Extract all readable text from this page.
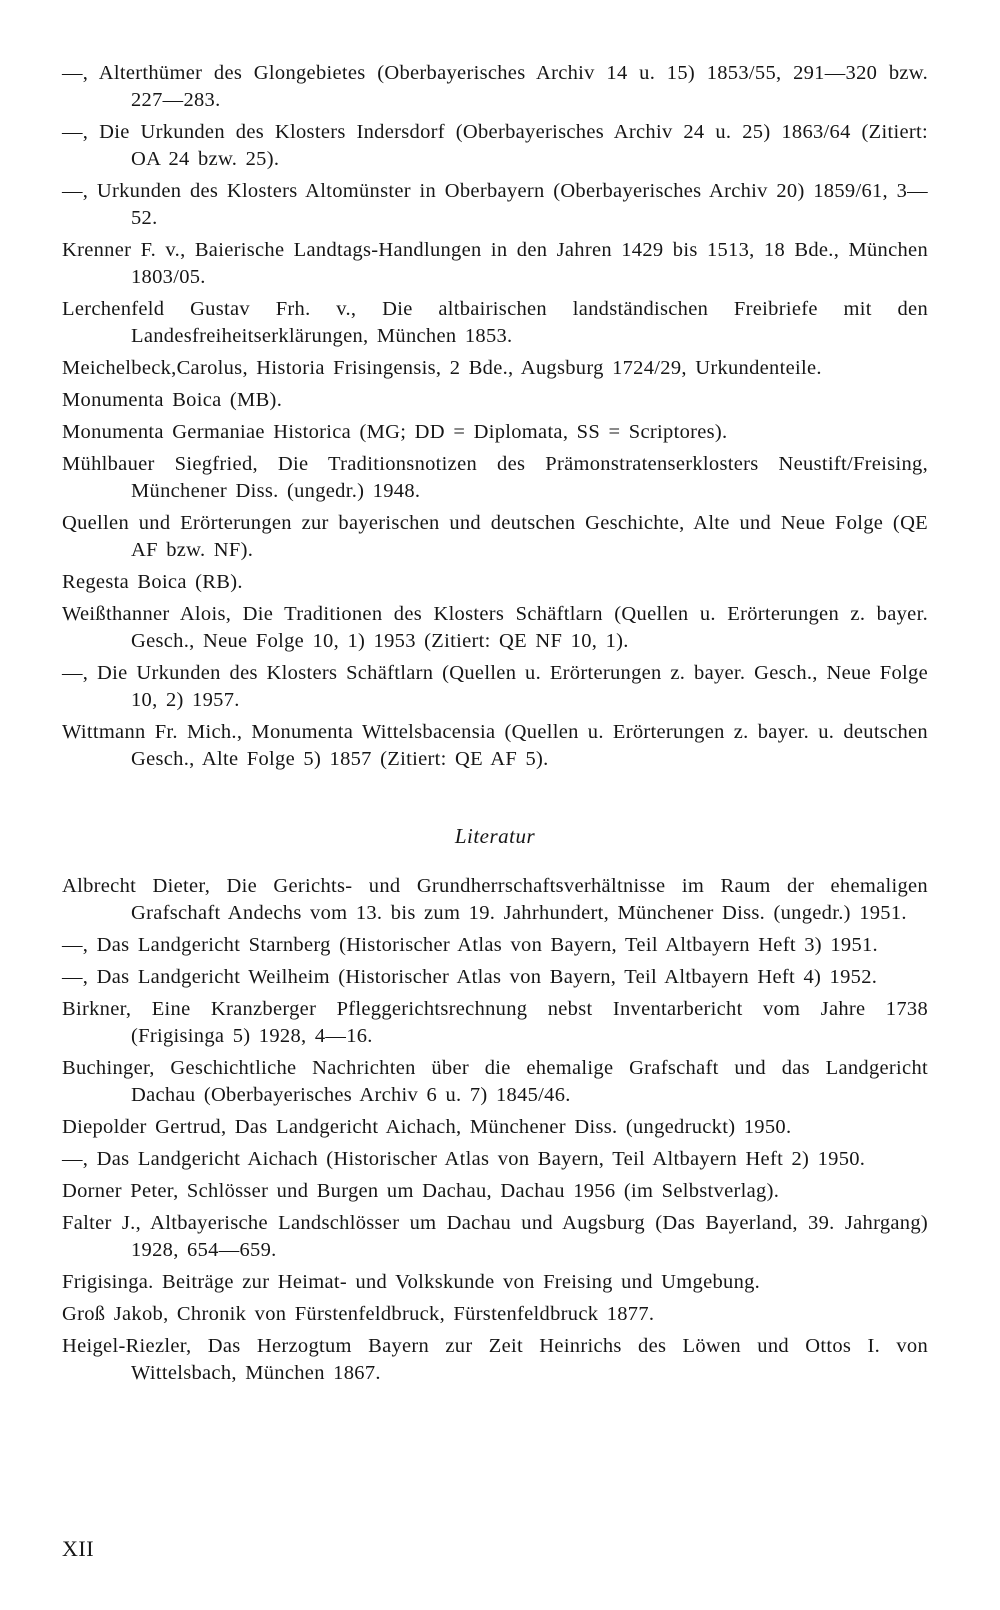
—, Alterthümer des Glongebietes (Oberbayerisches Archiv 14 u. 15) 1853/55, 291—320 bzw. 227—283.
—, Die Urkunden des Klosters Indersdorf (Oberbayerisches Archiv 24 u. 25) 1863/64 (Zitiert: OA 24 bzw. 25).
—, Urkunden des Klosters Altomünster in Oberbayern (Oberbayerisches Archiv 20) 1859/61, 3—52.
Krenner F. v., Baierische Landtags-Handlungen in den Jahren 1429 bis 1513, 18 Bde., München 1803/05.
Lerchenfeld Gustav Frh. v., Die altbairischen landständischen Freibriefe mit den Landesfreiheitserklärungen, München 1853.
Meichelbeck,Carolus, Historia Frisingensis, 2 Bde., Augsburg 1724/29, Urkundenteile.
Monumenta Boica (MB).
Monumenta Germaniae Historica (MG; DD = Diplomata, SS = Scriptores).
Mühlbauer Siegfried, Die Traditionsnotizen des Prämonstratenserklosters Neustift/Freising, Münchener Diss. (ungedr.) 1948.
Quellen und Erörterungen zur bayerischen und deutschen Geschichte, Alte und Neue Folge (QE AF bzw. NF).
Regesta Boica (RB).
Weißthanner Alois, Die Traditionen des Klosters Schäftlarn (Quellen u. Erörterungen z. bayer. Gesch., Neue Folge 10, 1) 1953 (Zitiert: QE NF 10, 1).
—, Die Urkunden des Klosters Schäftlarn (Quellen u. Erörterungen z. bayer. Gesch., Neue Folge 10, 2) 1957.
Wittmann Fr. Mich., Monumenta Wittelsbacensia (Quellen u. Erörterungen z. bayer. u. deutschen Gesch., Alte Folge 5) 1857 (Zitiert: QE AF 5).
Literatur
Albrecht Dieter, Die Gerichts- und Grundherrschaftsverhältnisse im Raum der ehemaligen Grafschaft Andechs vom 13. bis zum 19. Jahrhundert, Münchener Diss. (ungedr.) 1951.
—, Das Landgericht Starnberg (Historischer Atlas von Bayern, Teil Altbayern Heft 3) 1951.
—, Das Landgericht Weilheim (Historischer Atlas von Bayern, Teil Altbayern Heft 4) 1952.
Birkner, Eine Kranzberger Pfleggerichtsrechnung nebst Inventarbericht vom Jahre 1738 (Frigisinga 5) 1928, 4—16.
Buchinger, Geschichtliche Nachrichten über die ehemalige Grafschaft und das Landgericht Dachau (Oberbayerisches Archiv 6 u. 7) 1845/46.
Diepolder Gertrud, Das Landgericht Aichach, Münchener Diss. (ungedruckt) 1950.
—, Das Landgericht Aichach (Historischer Atlas von Bayern, Teil Altbayern Heft 2) 1950.
Dorner Peter, Schlösser und Burgen um Dachau, Dachau 1956 (im Selbstverlag).
Falter J., Altbayerische Landschlösser um Dachau und Augsburg (Das Bayerland, 39. Jahrgang) 1928, 654—659.
Frigisinga. Beiträge zur Heimat- und Volkskunde von Freising und Umgebung.
Groß Jakob, Chronik von Fürstenfeldbruck, Fürstenfeldbruck 1877.
Heigel-Riezler, Das Herzogtum Bayern zur Zeit Heinrichs des Löwen und Ottos I. von Wittelsbach, München 1867.
XII
